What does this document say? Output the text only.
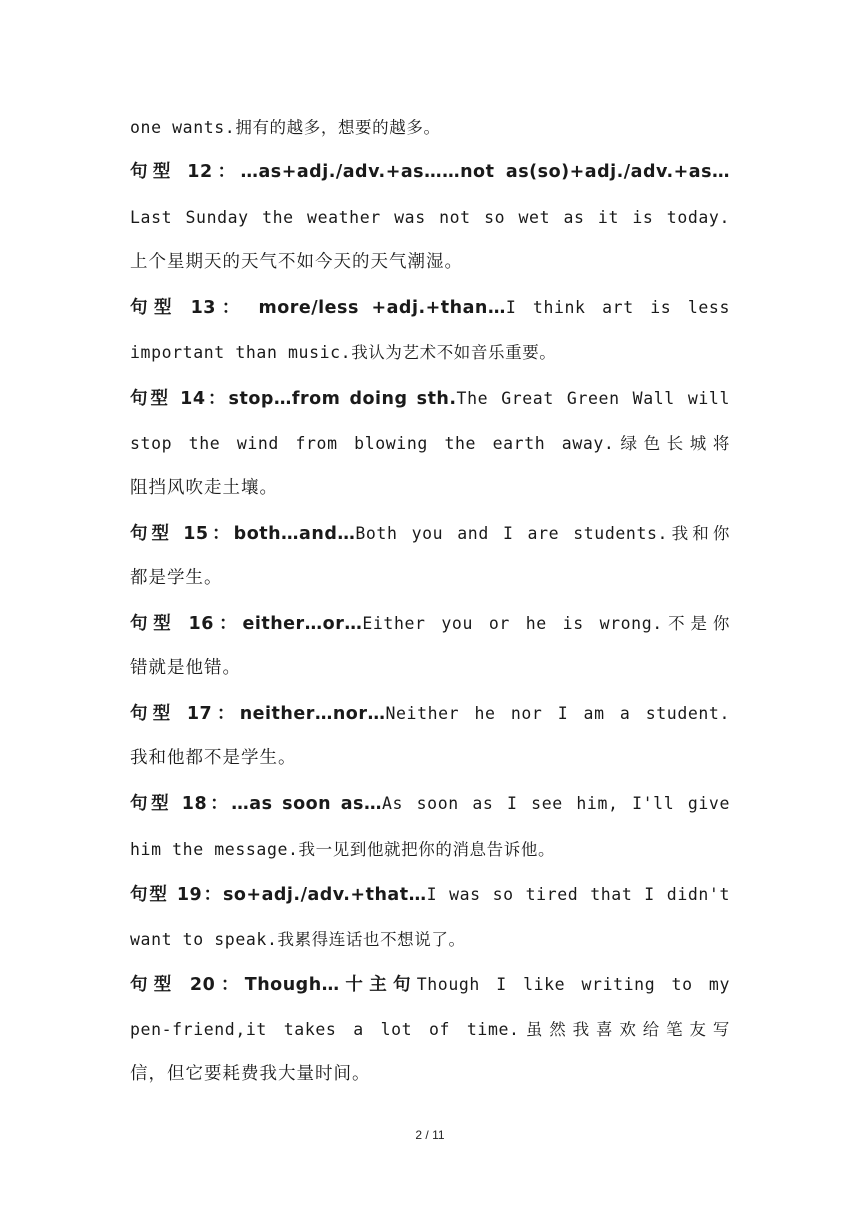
one wants.拥有的越多，想要的越多。
句型 12：…as+adj./adv.+as……not as(so)+adj./adv.+as…
Last Sunday the weather was not so wet as it is today.
上个星期天的天气不如今天的天气潮湿。
句型 13： more/less +adj.+than…I think art is less
important than music.我认为艺术不如音乐重要。
句型 14：stop…from doing sth.The Great Green Wall will
stop the wind from blowing the earth away.绿色长城将
阻挡风吹走土壤。
句型 15：both…and…Both you and I are students.我和你
都是学生。
句型 16：either…or…Either you or he is wrong.不是你
错就是他错。
句型 17：neither…nor…Neither he nor I am a student.
我和他都不是学生。
句型 18：…as soon as…As soon as I see him, I'll give
him the message.我一见到他就把你的消息告诉他。
句型 19：so+adj./adv.+that…I was so tired that I didn't
want to speak.我累得连话也不想说了。
句型 20：Though…十主句Though I like writing to my
pen-friend,it takes a lot of time.虽然我喜欢给笔友写
信，但它要耗费我大量时间。
2 / 11
